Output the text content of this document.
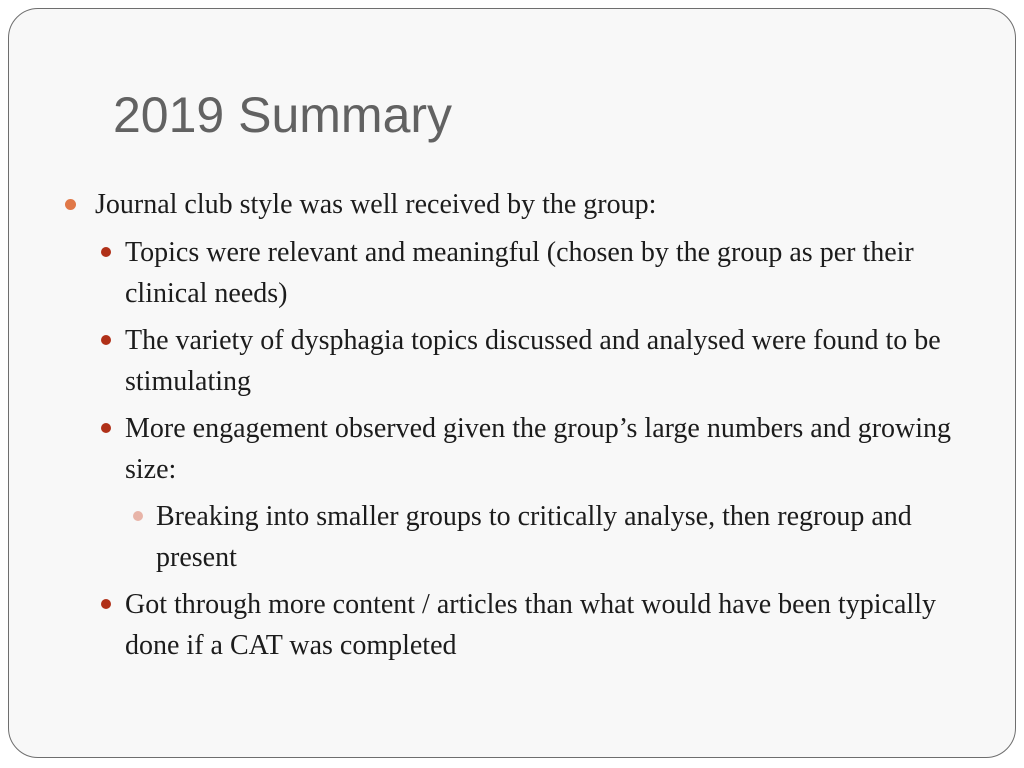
2019 Summary
Journal club style was well received by the group:
Topics were relevant and meaningful (chosen by the group as per their clinical needs)
The variety of dysphagia topics discussed and analysed were found to be stimulating
More engagement observed given the group’s large numbers and growing size:
Breaking into smaller groups to critically analyse, then regroup and present
Got through more content / articles than what would have been typically done if a CAT was completed
